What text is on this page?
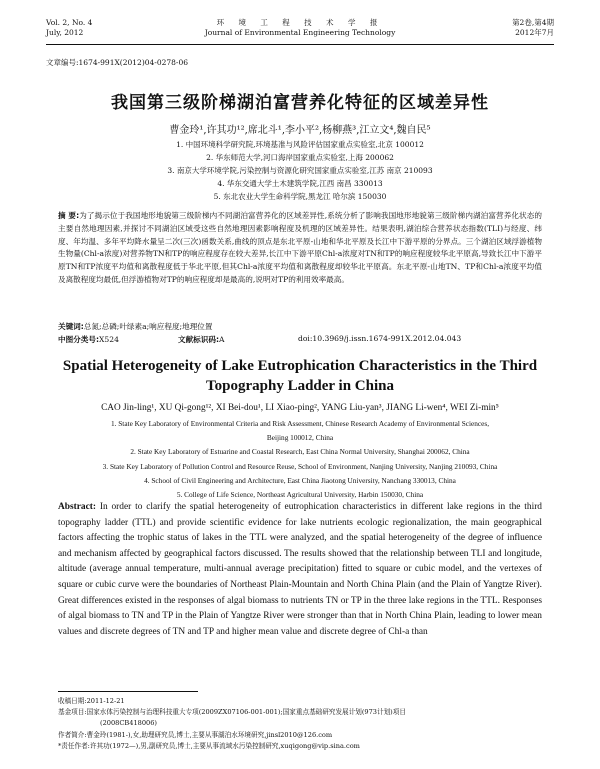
Vol. 2, No. 4
July, 2012
环 境 工 程 技 术 学 报
Journal of Environmental Engineering Technology
第2卷,第4期
2012年7月
文章编号:1674-991X(2012)04-0278-06
我国第三级阶梯湖泊富营养化特征的区域差异性
曹金玲¹,许其功¹²,席北斗¹,李小平²,杨柳燕³,江立文⁴,魏自民⁵
1. 中国环境科学研究院,环境基准与风险评估国家重点实验室,北京 100012
2. 华东师范大学,河口海岸国家重点实验室,上海 200062
3. 南京大学环境学院,污染控制与资源化研究国家重点实验室,江苏 南京 210093
4. 华东交通大学土木建筑学院,江西 南昌 330013
5. 东北农业大学生命科学院,黑龙江 哈尔滨 150030
摘 要:为了揭示位于我国地形地貌第三级阶梯内不同湖泊富营养化的区域差异性,系统分析了影响我国地形地貌第三级阶梯内湖泊富营养化状态的主要自然地理因素,并探讨不同湖泊区域受这些自然地理因素影响程度及机理的区域差异性。结果表明,湖泊综合营养状态指数(TLI)与经度、纬度、年均温、多年平均降水量呈二次(三次)函数关系,曲线的顶点是东北平原-山地和华北平原及长江中下游平原的分界点。三个湖泊区域浮游植物生物量(Chl-a浓度)对营养物TN和TP的响应程度存在较大差异,长江中下游平原Chl-a浓度对TN和TP的响应程度较华北平原高,导致长江中下游平原TN和TP浓度平均值和离散程度低于华北平原,但其Chl-a浓度平均值和离散程度却较华北平原高。东北平原-山地TN、TP和Chl-a浓度平均值及离散程度均最低,但浮游植物对TP的响应程度却是最高的,说明对TP的利用效率最高。
关键词:总氮;总磷;叶绿素a;响应程度;地理位置
中图分类号:X524	文献标识码:A	doi:10.3969/j.issn.1674-991X.2012.04.043
Spatial Heterogeneity of Lake Eutrophication Characteristics in the Third Topography Ladder in China
CAO Jin-ling¹, XU Qi-gong¹², XI Bei-dou¹, LI Xiao-ping², YANG Liu-yan³, JIANG Li-wen⁴, WEI Zi-min⁵
1. State Key Laboratory of Environmental Criteria and Risk Assessment, Chinese Research Academy of Environmental Sciences,
Beijing 100012, China
2. State Key Laboratory of Estuarine and Coastal Research, East China Normal University, Shanghai 200062, China
3. State Key Laboratory of Pollution Control and Resource Reuse, School of Environment, Nanjing University, Nanjing 210093, China
4. School of Civil Engineering and Architecture, East China Jiaotong University, Nanchang 330013, China
5. College of Life Science, Northeast Agricultural University, Harbin 150030, China
Abstract: In order to clarify the spatial heterogeneity of eutrophication characteristics in different lake regions in the third topography ladder (TTL) and provide scientific evidence for lake nutrients ecologic regionalization, the main geographical factors affecting the trophic status of lakes in the TTL were analyzed, and the spatial heterogeneity of the degree of influence and mechanism affected by geographical factors discussed. The results showed that the relationship between TLI and longitude, altitude (average annual temperature, multi-annual average precipitation) fitted to square or cubic model, and the vertexes of square or cubic curve were the boundaries of Northeast Plain-Mountain and North China Plain (and the Plain of Yangtze River). Great differences existed in the responses of algal biomass to nutrients TN or TP in the three lake regions in the TTL. Responses of algal biomass to TN and TP in the Plain of Yangtze River were stronger than that in North China Plain, leading to lower mean values and discrete degrees of TN and TP and higher mean value and discrete degree of Chl-a than
收稿日期:2011-12-21
基金项目:国家水体污染控制与治理科技重大专项(2009ZX07106-001-001);国家重点基础研究发展计划(973计划)项目
(2008CB418006)
作者简介:曹金玲(1981-),女,助理研究员,博士,主要从事湖泊水环境研究,jinsl2010@126.com
*责任作者:许其功(1972—),男,副研究员,博士,主要从事流域水污染控制研究,xuqigong@vip.sina.com
